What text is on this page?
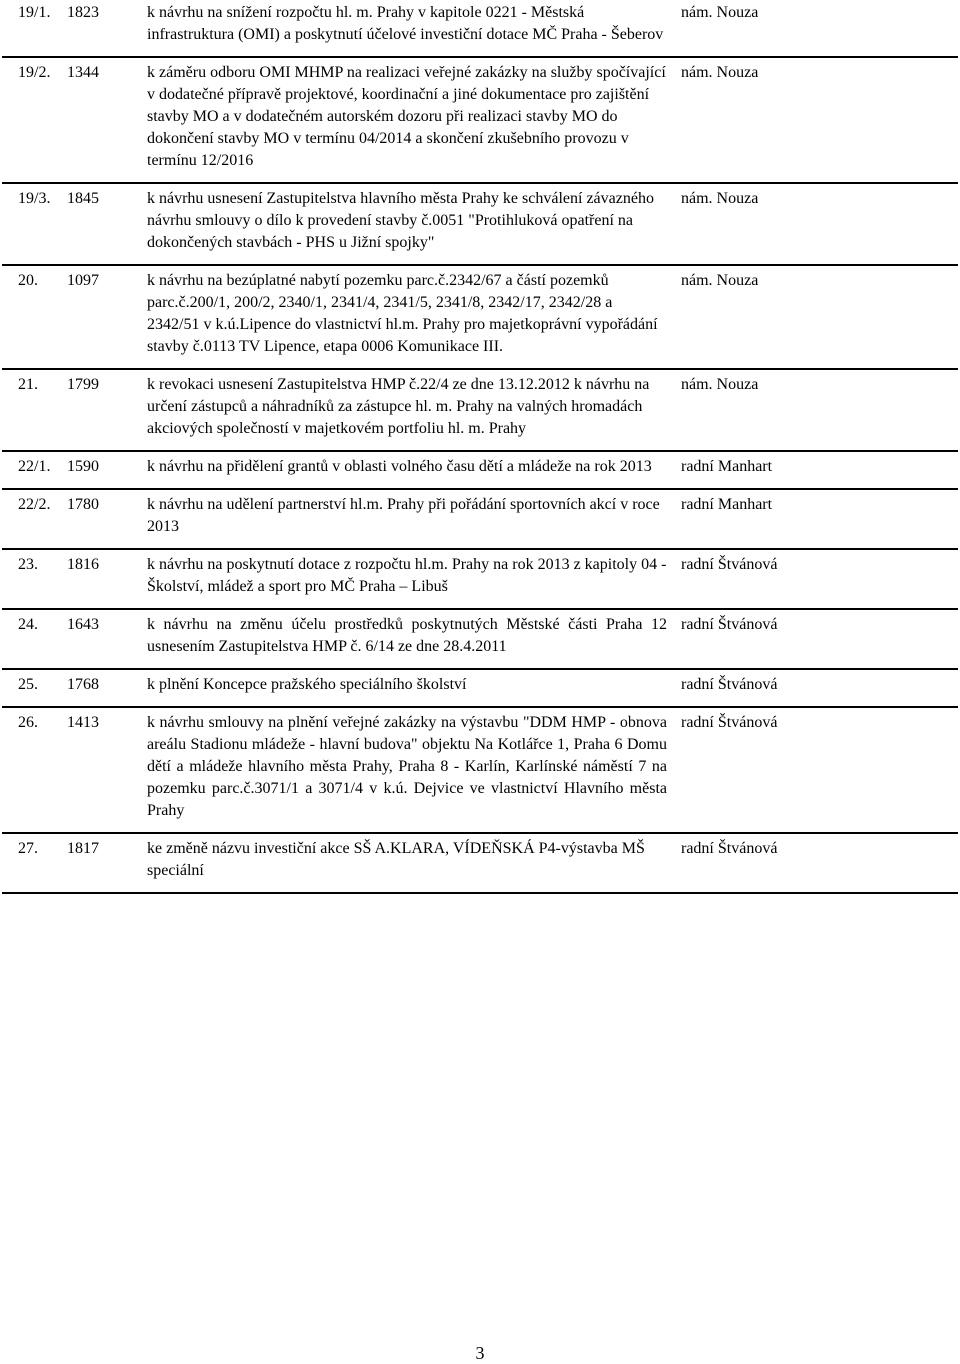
19/1.	1823	k návrhu na snížení rozpočtu hl. m. Prahy v kapitole 0221 - Městská infrastruktura (OMI) a poskytnutí účelové investiční dotace MČ Praha - Šeberov	nám. Nouza
19/2.	1344	k záměru odboru OMI MHMP na realizaci veřejné zakázky na služby spočívající v dodatečné přípravě projektové, koordinační a jiné dokumentace pro zajištění stavby MO a v dodatečném autorském dozoru při realizaci stavby MO do dokončení stavby MO v termínu 04/2014 a skončení zkušebního provozu v termínu 12/2016	nám. Nouza
19/3.	1845	k návrhu usnesení Zastupitelstva hlavního města Prahy ke schválení závazného návrhu smlouvy o dílo k provedení stavby č.0051 "Protihluková opatření na dokončených stavbách - PHS u Jižní spojky"	nám. Nouza
20.	1097	k návrhu na bezúplatné nabytí pozemku parc.č.2342/67 a částí pozemků parc.č.200/1, 200/2, 2340/1, 2341/4, 2341/5, 2341/8, 2342/17, 2342/28 a 2342/51 v k.ú.Lipence do vlastnictví hl.m. Prahy pro majetkoprávní vypořádání stavby č.0113 TV Lipence, etapa 0006 Komunikace III.	nám. Nouza
21.	1799	k revokaci usnesení Zastupitelstva HMP č.22/4 ze dne 13.12.2012 k návrhu na určení zástupců a náhradníků za zástupce hl. m. Prahy na valných hromadách akciových společností v majetkovém portfoliu hl. m. Prahy	nám. Nouza
22/1.	1590	k návrhu na přidělení grantů v oblasti volného času dětí a mládeže na rok 2013	radní Manhart
22/2.	1780	k návrhu na udělení partnerství hl.m. Prahy při pořádání sportovních akcí v roce 2013	radní Manhart
23.	1816	k návrhu na poskytnutí dotace z rozpočtu hl.m. Prahy na rok 2013 z kapitoly 04 - Školství, mládež a sport pro MČ Praha – Libuš	radní Štvánová
24.	1643	k návrhu na změnu účelu prostředků poskytnutých Městské části Praha 12 usnesením Zastupitelstva HMP č. 6/14 ze dne 28.4.2011	radní Štvánová
25.	1768	k plnění Koncepce pražského speciálního školství	radní Štvánová
26.	1413	k návrhu smlouvy na plnění veřejné zakázky na výstavbu "DDM HMP - obnova areálu Stadionu mládeže - hlavní budova" objektu Na Kotlářce 1, Praha 6 Domu dětí a mládeže hlavního města Prahy, Praha 8 - Karlín, Karlínské náměstí 7 na pozemku parc.č.3071/1 a 3071/4 v k.ú. Dejvice ve vlastnictví Hlavního města Prahy	radní Štvánová
27.	1817	ke změně názvu investiční akce SŠ A.KLARA, VÍDEŇSKÁ P4-výstavba MŠ speciální	radní Štvánová
3
